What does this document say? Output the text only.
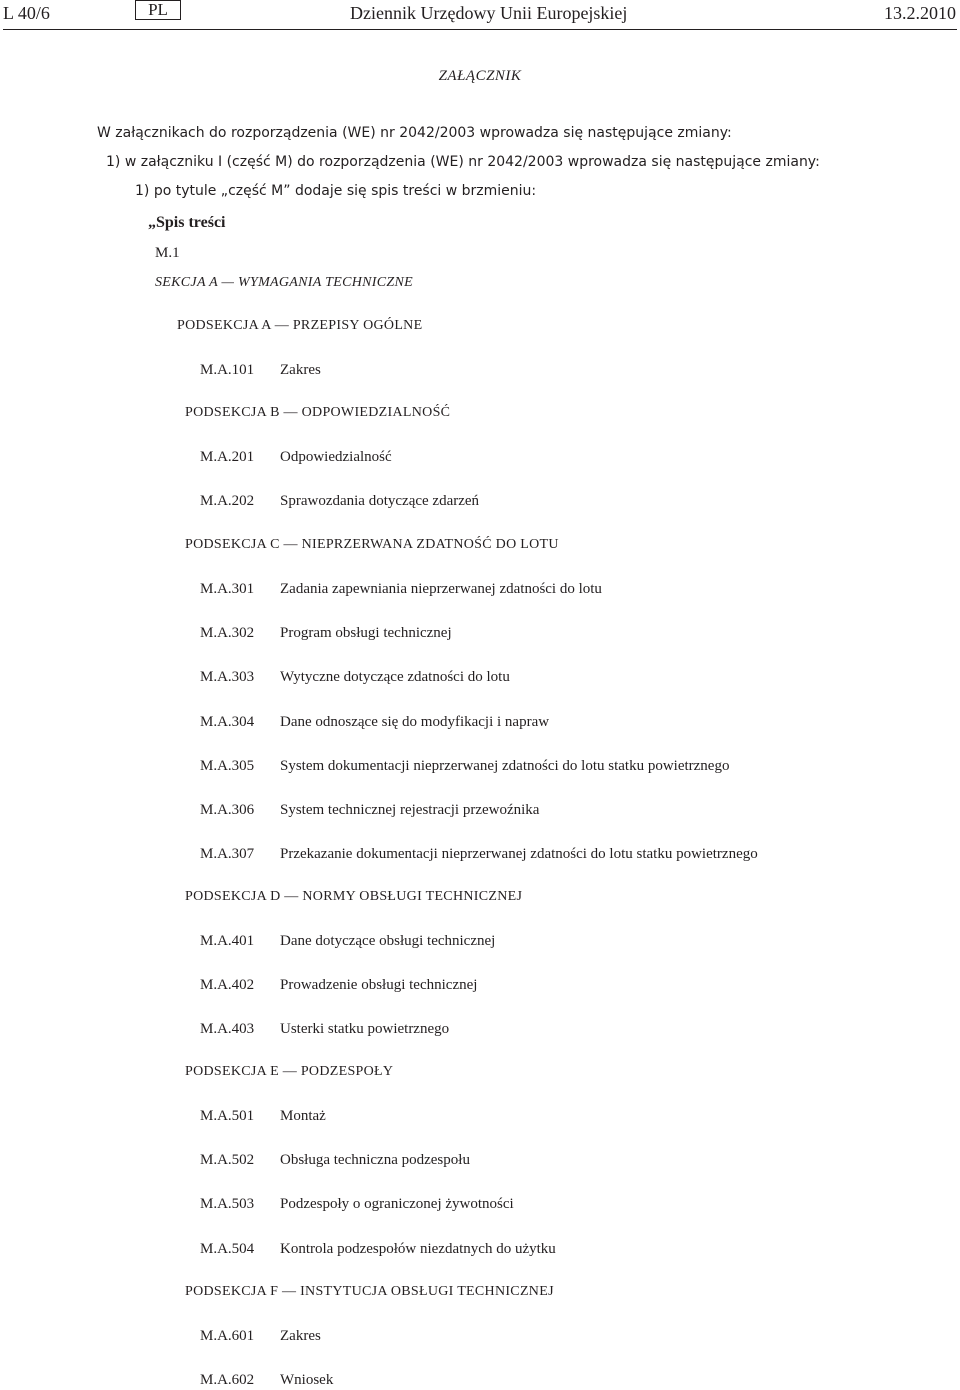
L 40/6	PL	Dziennik Urzędowy Unii Europejskiej	13.2.2010
ZAŁĄCZNIK
W załącznikach do rozporządzenia (WE) nr 2042/2003 wprowadza się następujące zmiany:
1) w załączniku I (część M) do rozporządzenia (WE) nr 2042/2003 wprowadza się następujące zmiany:
1) po tytule „część M” dodaje się spis treści w brzmieniu:
„Spis treści
M.1
SEKCJA A — WYMAGANIA TECHNICZNE
PODSEKCJA A — PRZEPISY OGÓLNE
M.A.101 Zakres
PODSEKCJA B — ODPOWIEDZIALNOŚĆ
M.A.201 Odpowiedzialność
M.A.202 Sprawozdania dotyczące zdarzeń
PODSEKCJA C — NIEPRZERWANA ZDATNOŚĆ DO LOTU
M.A.301 Zadania zapewniania nieprzerwanej zdatności do lotu
M.A.302 Program obsługi technicznej
M.A.303 Wytyczne dotyczące zdatności do lotu
M.A.304 Dane odnoszące się do modyfikacji i napraw
M.A.305 System dokumentacji nieprzerwanej zdatności do lotu statku powietrznego
M.A.306 System technicznej rejestracji przewoźnika
M.A.307 Przekazanie dokumentacji nieprzerwanej zdatności do lotu statku powietrznego
PODSEKCJA D — NORMY OBSŁUGI TECHNICZNEJ
M.A.401 Dane dotyczące obsługi technicznej
M.A.402 Prowadzenie obsługi technicznej
M.A.403 Usterki statku powietrznego
PODSEKCJA E — PODZESPOŁY
M.A.501 Montaż
M.A.502 Obsługa techniczna podzespołu
M.A.503 Podzespoły o ograniczonej żywotności
M.A.504 Kontrola podzespołów niezdatnych do użytku
PODSEKCJA F — INSTYTUCJA OBSŁUGI TECHNICZNEJ
M.A.601 Zakres
M.A.602 Wniosek
